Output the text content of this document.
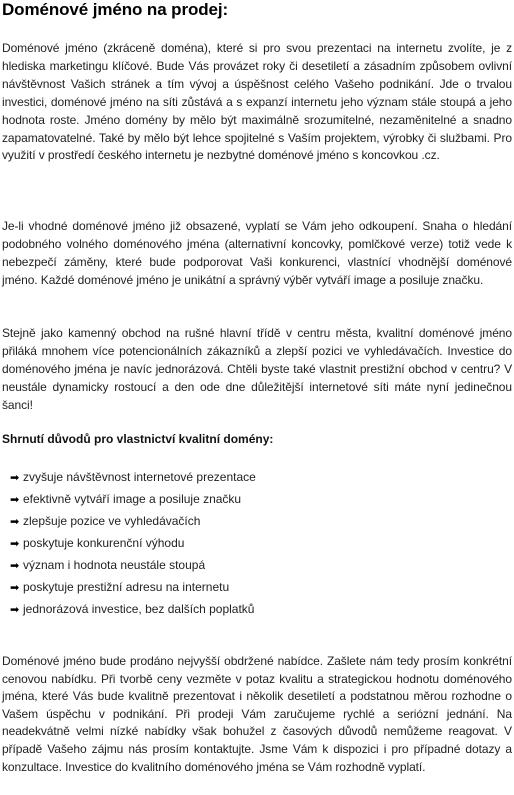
Doménové jméno na prodej:

Doménové jméno (zkráceně doména), které si pro svou prezentaci na internetu zvolíte, je z hlediska marketingu klíčové. Bude Vás provázet roky či desetiletí a zásadním způsobem ovlivní návštěvnost Vašich stránek a tím vývoj a úspěšnost celého Vašeho podnikání. Jde o trvalou investici, doménové jméno na síti zůstává a s expanzí internetu jeho význam stále stoupá a jeho hodnota roste. Jméno domény by mělo být maximálně srozumitelné, nezaměnitelné a snadno zapamatovatelné. Také by mělo být lehce spojitelné s Vaším projektem, výrobky či službami. Pro využití v prostředí českého internetu je nezbytné doménové jméno s koncovkou .cz.

Je-li vhodné doménové jméno již obsazené, vyplatí se Vám jeho odkoupení. Snaha o hledání podobného volného doménového jména (alternativní koncovky, pomlčkové verze) totiž vede k nebezpečí záměny, které bude podporovat Vaši konkurenci, vlastnící vhodnější doménové jméno. Každé doménové jméno je unikátní a správný výběr vytváří image a posiluje značku.

Stejně jako kamenný obchod na rušné hlavní třídě v centru města, kvalitní doménové jméno přiláká mnohem více potencionálních zákazníků a zlepší pozici ve vyhledávačích. Investice do doménového jména je navíc jednorázová. Chtěli byste také vlastnit prestižní obchod v centru? V neustále dynamicky rostoucí a den ode dne důležitější internetové síti máte nyní jedinečnou šanci!

Shrnutí důvodů pro vlastnictví kvalitní domény:
➡ zvyšuje návštěvnost internetové prezentace
➡ efektivně vytváří image a posiluje značku
➡ zlepšuje pozice ve vyhledávačích
➡ poskytuje konkurenční výhodu
➡ význam i hodnota neustále stoupá
➡ poskytuje prestižní adresu na internetu
➡ jednorázová investice, bez dalších poplatků

Doménové jméno bude prodáno nejvyšší obdržené nabídce. Zašlete nám tedy prosím konkrétní cenovou nabídku. Při tvorbě ceny vezměte v potaz kvalitu a strategickou hodnotu doménového jména, které Vás bude kvalitně prezentovat i několik desetiletí a podstatnou měrou rozhodne o Vašem úspěchu v podnikání. Při prodeji Vám zaručujeme rychlé a seriózní jednání. Na neadekvátně velmi nízké nabídky však bohužel z časových důvodů nemůžeme reagovat. V případě Vašeho zájmu nás prosím kontaktujte. Jsme Vám k dispozici i pro případné dotazy a konzultace. Investice do kvalitního doménového jména se Vám rozhodně vyplatí.
